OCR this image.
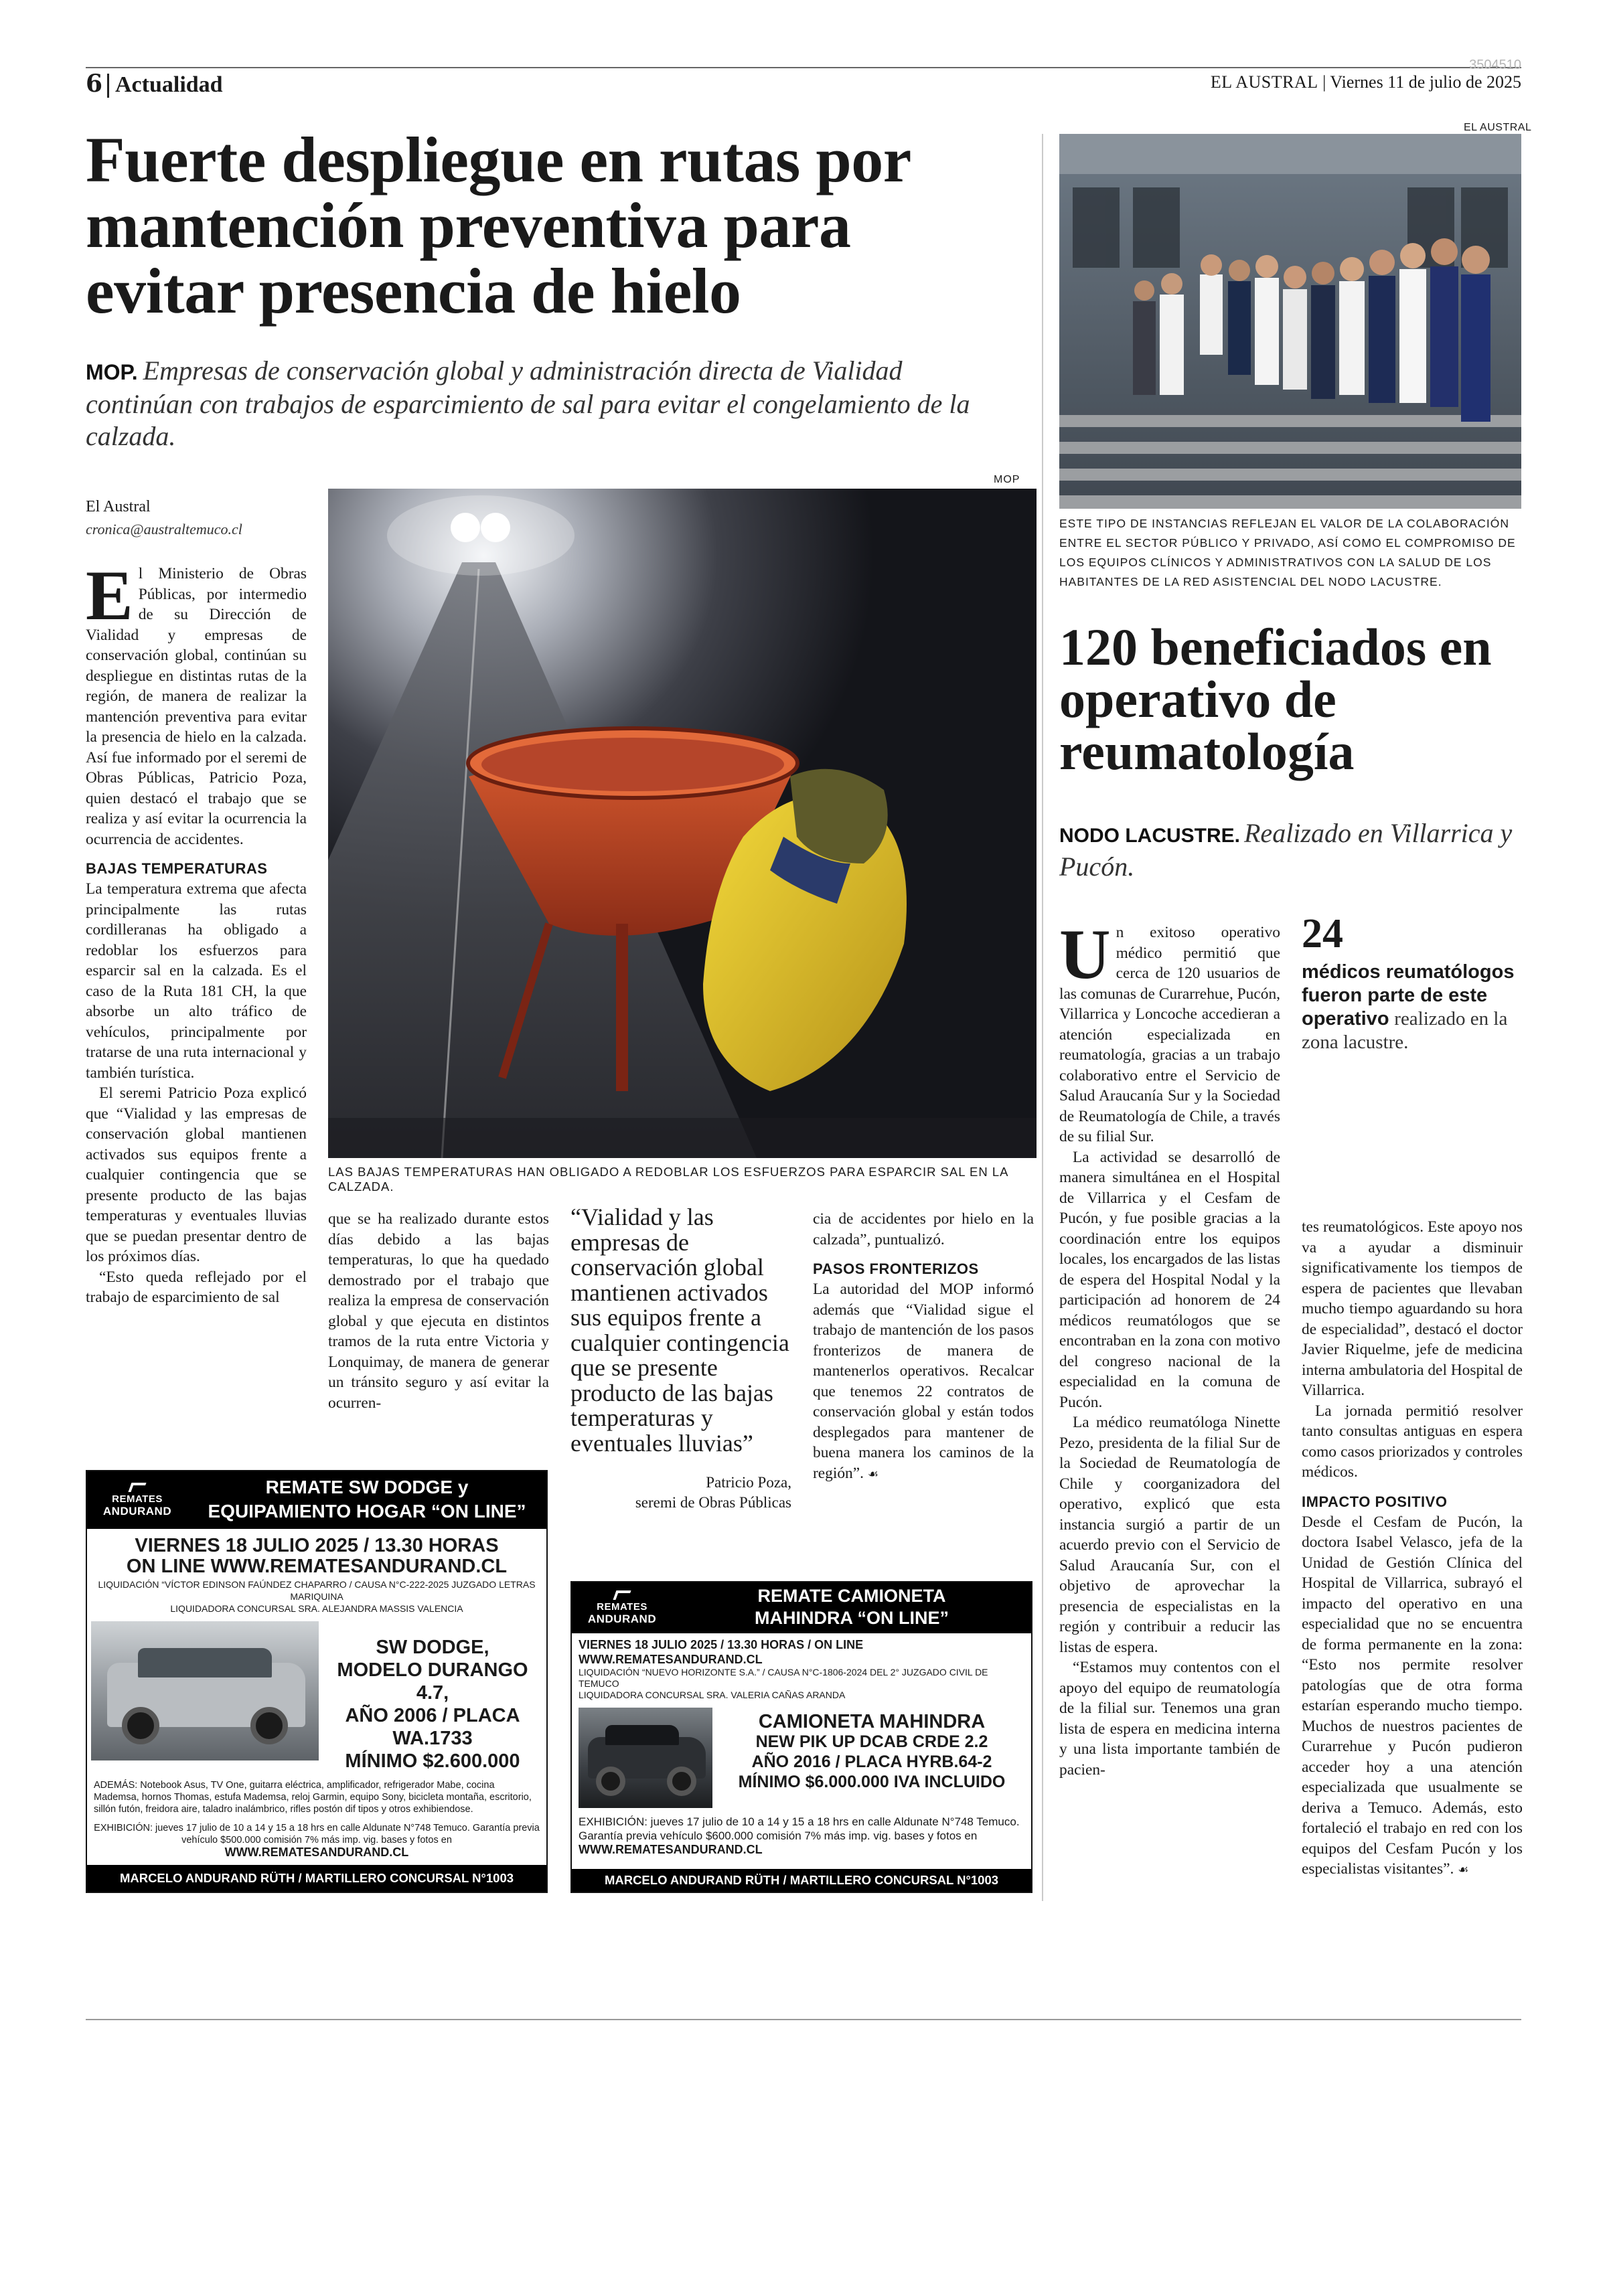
6 Actualidad
3504510
EL AUSTRAL | Viernes 11 de julio de 2025
Fuerte despliegue en rutas por mantención preventiva para evitar presencia de hielo
MOP. Empresas de conservación global y administración directa de Vialidad continúan con trabajos de esparcimiento de sal para evitar el congelamiento de la calzada.
El Austral
cronica@australtemuco.cl

El Ministerio de Obras Públicas, por intermedio de su Dirección de Vialidad y empresas de conservación global, continúan su despliegue en distintas rutas de la región, de manera de realizar la mantención preventiva para evitar la presencia de hielo en la calzada. Así fue informado por el seremi de Obras Públicas, Patricio Poza, quien destacó el trabajo que se realiza y así evitar la ocurrencia la ocurrencia de accidentes.

BAJAS TEMPERATURAS

La temperatura extrema que afecta principalmente las rutas cordilleranas ha obligado a redoblar los esfuerzos para esparcir sal en la calzada. Es el caso de la Ruta 181 CH, la que absorbe un alto tráfico de vehículos, principalmente por tratarse de una ruta internacional y también turística.

El seremi Patricio Poza explicó que “Vialidad y las empresas de conservación global mantienen activados sus equipos frente a cualquier contingencia que se presente producto de las bajas temperaturas y eventuales lluvias que se puedan presentar dentro de los próximos días.

“Esto queda reflejado por el trabajo de esparcimiento de sal

MOP
LAS BAJAS TEMPERATURAS HAN OBLIGADO A REDOBLAR LOS ESFUERZOS PARA ESPARCIR SAL EN LA CALZADA.

que se ha realizado durante estos días debido a las bajas temperaturas, lo que ha quedado demostrado por el trabajo que realiza la empresa de conservación global y que ejecuta en distintos tramos de la ruta entre Victoria y Lonquimay, de manera de generar un tránsito seguro y así evitar la ocurren-

“Vialidad y las empresas de conservación global mantienen activados sus equipos frente a cualquier contingencia que se presente producto de las bajas temperaturas y eventuales lluvias”
Patricio Poza,
seremi de Obras Públicas

cia de accidentes por hielo en la calzada”, puntualizó.

PASOS FRONTERIZOS

La autoridad del MOP informó además que “Vialidad sigue el trabajo de mantención de los pasos fronterizos de manera de mantenerlos operativos. Recalcar que tenemos 22 contratos de conservación global y están todos desplegados para mantener de buena manera los caminos de la región”. ☙

REMATES
ANDURAND
REMATE SW DODGE y
EQUIPAMIENTO HOGAR “ON LINE”
VIERNES 18 JULIO 2025 / 13.30 HORAS
ON LINE WWW.REMATESANDURAND.CL
LIQUIDACIÓN “VÍCTOR EDINSON FAÚNDEZ CHAPARRO / CAUSA N°C-222-2025 JUZGADO LETRAS MARIQUINA
LIQUIDADORA CONCURSAL SRA. ALEJANDRA MASSIS VALENCIA
SW DODGE,
MODELO DURANGO 4.7,
AÑO 2006 / PLACA WA.1733
MÍNIMO $2.600.000
ADEMÁS: Notebook Asus, TV One, guitarra eléctrica, amplificador, refrigerador Mabe, cocina Mademsa, hornos Thomas, estufa Mademsa, reloj Garmin, equipo Sony, bicicleta montaña, escritorio, sillón futón, freidora aire, taladro inalámbrico, rifles postón dif tipos y otros exhibiendose.
EXHIBICIÓN: jueves 17 julio de 10 a 14 y 15 a 18 hrs en calle Aldunate N°748 Temuco. Garantía previa vehículo $500.000 comisión 7% más imp. vig. bases y fotos en
WWW.REMATESANDURAND.CL
MARCELO ANDURAND RÜTH / MARTILLERO CONCURSAL N°1003
REMATES
ANDURAND
REMATE CAMIONETA
MAHINDRA “ON LINE”
VIERNES 18 JULIO 2025 / 13.30 HORAS / ON LINE WWW.REMATESANDURAND.CL
LIQUIDACIÓN “NUEVO HORIZONTE S.A.” / CAUSA N°C-1806-2024 DEL 2° JUZGADO CIVIL DE TEMUCO
LIQUIDADORA CONCURSAL SRA. VALERIA CAÑAS ARANDA
CAMIONETA MAHINDRA
NEW PIK UP DCAB CRDE 2.2
AÑO 2016 / PLACA HYRB.64-2
MÍNIMO $6.000.000 IVA INCLUIDO
EXHIBICIÓN: jueves 17 julio de 10 a 14 y 15 a 18 hrs en calle Aldunate N°748 Temuco. Garantía previa vehículo $600.000 comisión 7% más imp. vig. bases y fotos en WWW.REMATESANDURAND.CL
MARCELO ANDURAND RÜTH / MARTILLERO CONCURSAL N°1003
EL AUSTRAL
ESTE TIPO DE INSTANCIAS REFLEJAN EL VALOR DE LA COLABORACIÓN ENTRE EL SECTOR PÚBLICO Y PRIVADO, ASÍ COMO EL COMPROMISO DE LOS EQUIPOS CLÍNICOS Y ADMINISTRATIVOS CON LA SALUD DE LOS HABITANTES DE LA RED ASISTENCIAL DEL NODO LACUSTRE.
120 beneficiados en operativo de reumatología
NODO LACUSTRE. Realizado en Villarrica y Pucón.

Un exitoso operativo médico permitió que cerca de 120 usuarios de las comunas de Curarrehue, Pucón, Villarrica y Loncoche accedieran a atención especializada en reumatología, gracias a un trabajo colaborativo entre el Servicio de Salud Araucanía Sur y la Sociedad de Reumatología de Chile, a través de su filial Sur.

La actividad se desarrolló de manera simultánea en el Hospital de Villarrica y el Cesfam de Pucón, y fue posible gracias a la coordinación entre los equipos locales, los encargados de las listas de espera del Hospital Nodal y la participación ad honorem de 24 médicos reumatólogos que se encontraban en la zona con motivo del congreso nacional de la especialidad en la comuna de Pucón.

La médico reumatóloga Ninette Pezo, presidenta de la filial Sur de la Sociedad de Reumatología de Chile y coorganizadora del operativo, explicó que esta instancia surgió a partir de un acuerdo previo con el Servicio de Salud Araucanía Sur, con el objetivo de aprovechar la presencia de especialistas en la región y contribuir a reducir las listas de espera.

“Estamos muy contentos con el apoyo del equipo de reumatología de la filial sur. Tenemos una gran lista de espera en medicina interna y una lista importante también de pacien-

24
médicos reumatólogos fueron parte de este operativo realizado en la zona lacustre.

tes reumatológicos. Este apoyo nos va a ayudar a disminuir significativamente los tiempos de espera de pacientes que llevaban mucho tiempo aguardando su hora de especialidad”, destacó el doctor Javier Riquelme, jefe de medicina interna ambulatoria del Hospital de Villarrica.

La jornada permitió resolver tanto consultas antiguas en espera como casos priorizados y controles médicos.

IMPACTO POSITIVO

Desde el Cesfam de Pucón, la doctora Isabel Velasco, jefa de la Unidad de Gestión Clínica del Hospital de Villarrica, subrayó el impacto del operativo en una especialidad que no se encuentra de forma permanente en la zona: “Esto nos permite resolver patologías que de otra forma estarían esperando mucho tiempo. Muchos de nuestros pacientes de Curarrehue y Pucón pudieron acceder hoy a una atención especializada que usualmente se deriva a Temuco. Además, esto fortaleció el trabajo en red con los equipos del Cesfam Pucón y los especialistas visitantes”. ☙
